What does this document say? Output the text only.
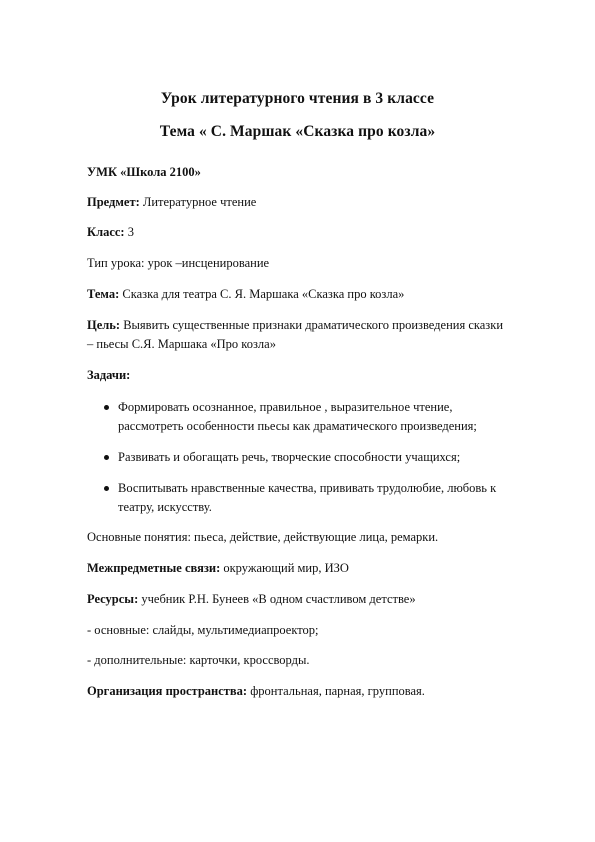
Урок литературного чтения в 3 классе
Тема « С. Маршак «Сказка про козла»
УМК «Школа 2100»
Предмет: Литературное чтение
Класс: 3
Тип урока: урок –инсценирование
Тема: Сказка для театра С. Я. Маршака «Сказка про козла»
Цель: Выявить существенные признаки драматического произведения сказки
– пьесы С.Я. Маршака «Про козла»
Задачи:
Формировать осознанное, правильное , выразительное чтение,
рассмотреть особенности пьесы как драматического произведения;
Развивать и обогащать речь, творческие способности учащихся;
Воспитывать нравственные качества, прививать трудолюбие, любовь к
театру, искусству.
Основные понятия: пьеса, действие, действующие лица, ремарки.
Межпредметные связи: окружающий мир, ИЗО
Ресурсы: учебник Р.Н. Бунеев «В одном счастливом детстве»
- основные: слайды, мультимедиапроектор;
- дополнительные: карточки, кроссворды.
Организация пространства: фронтальная, парная, групповая.
